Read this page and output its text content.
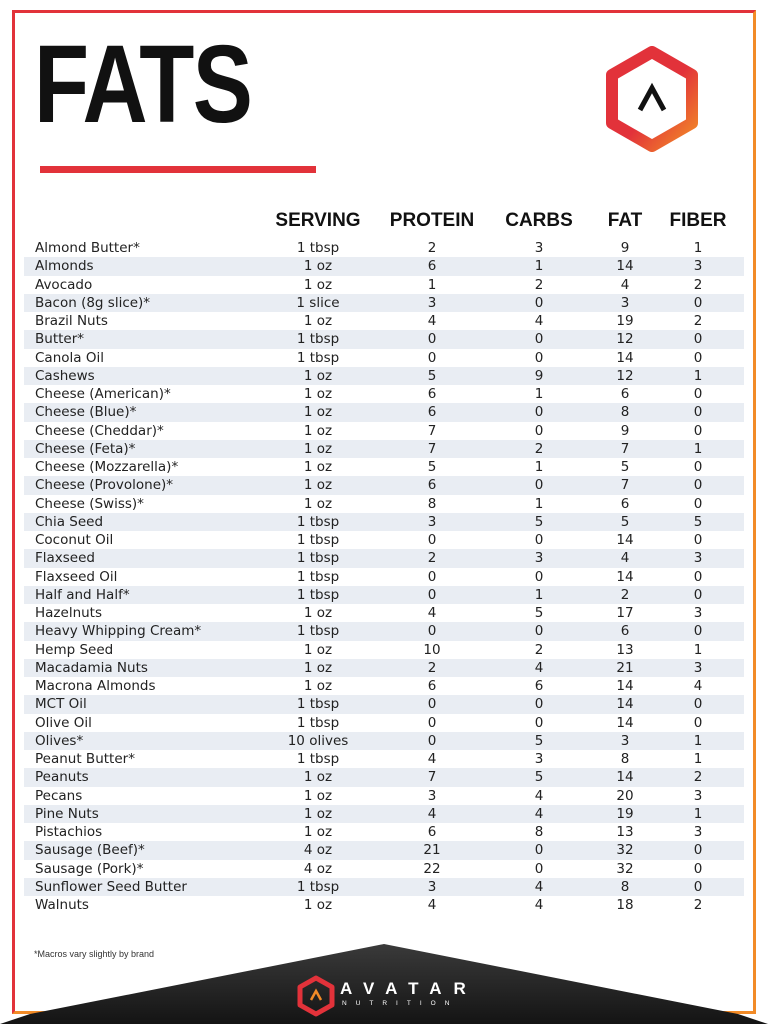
FATS
SERVING PROTEIN CARBS FAT FIBER
Almond Butter*	1 tbsp	2	3	9	1
Almonds	1 oz	6	1	14	3
Avocado	1 oz	1	2	4	2
Bacon (8g slice)*	1 slice	3	0	3	0
Brazil Nuts	1 oz	4	4	19	2
Butter*	1 tbsp	0	0	12	0
Canola Oil	1 tbsp	0	0	14	0
Cashews	1 oz	5	9	12	1
Cheese (American)*	1 oz	6	1	6	0
Cheese (Blue)*	1 oz	6	0	8	0
Cheese (Cheddar)*	1 oz	7	0	9	0
Cheese (Feta)*	1 oz	7	2	7	1
Cheese (Mozzarella)*	1 oz	5	1	5	0
Cheese (Provolone)*	1 oz	6	0	7	0
Cheese (Swiss)*	1 oz	8	1	6	0
Chia Seed	1 tbsp	3	5	5	5
Coconut Oil	1 tbsp	0	0	14	0
Flaxseed	1 tbsp	2	3	4	3
Flaxseed Oil	1 tbsp	0	0	14	0
Half and Half*	1 tbsp	0	1	2	0
Hazelnuts	1 oz	4	5	17	3
Heavy Whipping Cream*	1 tbsp	0	0	6	0
Hemp Seed	1 oz	10	2	13	1
Macadamia Nuts	1 oz	2	4	21	3
Macrona Almonds	1 oz	6	6	14	4
MCT Oil	1 tbsp	0	0	14	0
Olive Oil	1 tbsp	0	0	14	0
Olives*	10 olives	0	5	3	1
Peanut Butter*	1 tbsp	4	3	8	1
Peanuts	1 oz	7	5	14	2
Pecans	1 oz	3	4	20	3
Pine Nuts	1 oz	4	4	19	1
Pistachios	1 oz	6	8	13	3
Sausage (Beef)*	4 oz	21	0	32	0
Sausage (Pork)*	4 oz	22	0	32	0
Sunflower Seed Butter	1 tbsp	3	4	8	0
Walnuts	1 oz	4	4	18	2
*Macros vary slightly by brand
AVATAR
NUTRITION
